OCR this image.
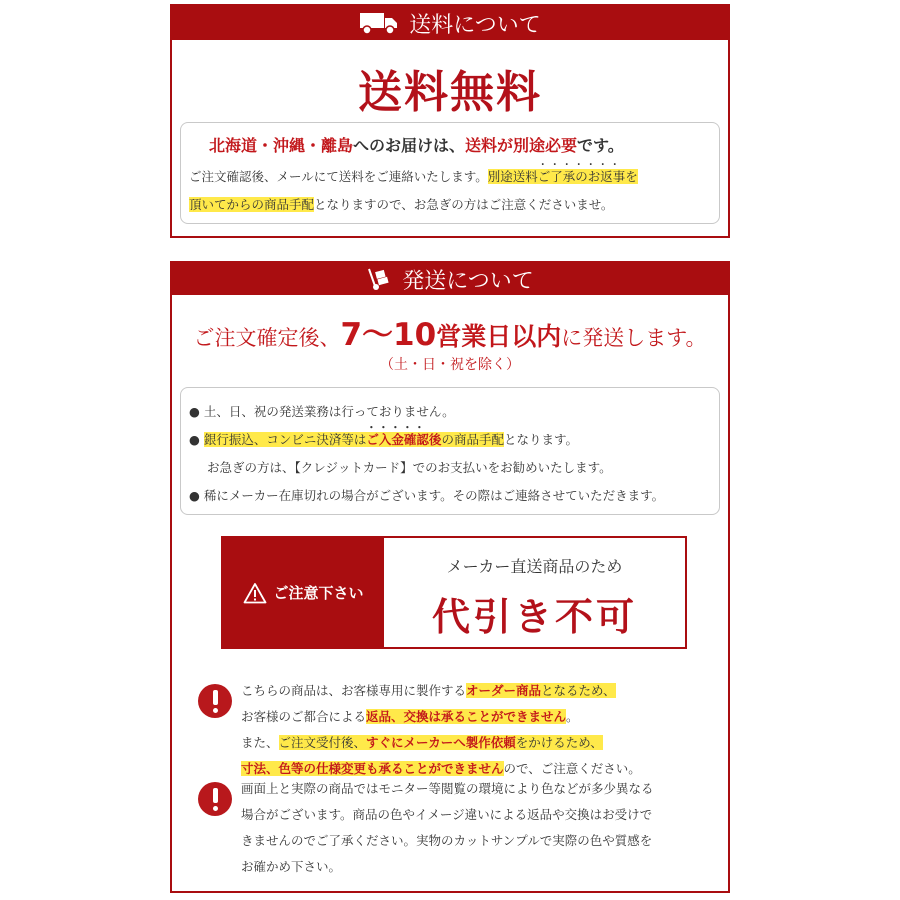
送料について
送料無料
北海道・沖縄・離島へのお届けは、送料が別途必要です。
ご注文確認後、メールにて送料をご連絡いたします。別途送料・・・・・・・ ご了承のお返事を
頂いてからの商品手配となりますので、お急ぎの方はご注意くださいませ。
発送について
ご注文確定後、7〜10営業日以内に発送します。
（土・日・祝を除く）
● 土、日、祝の発送業務は行っておりません。
● 銀行振込、コンビニ決済等は・・・・・ ご入金確認後の商品手配となります。
お急ぎの方は、【クレジットカード】でのお支払いをお勧めいたします。
● 稀にメーカー在庫切れの場合がございます。その際はご連絡させていただきます。
ご注意下さい
メーカー直送商品のため
代引き不可
こちらの商品は、お客様専用に製作するオーダー商品となるため、
お客様のご都合による返品、交換は承ることができません。
また、ご注文受付後、すぐにメーカーへ製作依頼をかけるため、
寸法、色等の仕様変更も承ることができませんので、ご注意ください。
画面上と実際の商品ではモニター等閲覧の環境により色などが多少異なる
場合がございます。商品の色やイメージ違いによる返品や交換はお受けで
きませんのでご了承ください。実物のカットサンプルで実際の色や質感を
お確かめ下さい。
